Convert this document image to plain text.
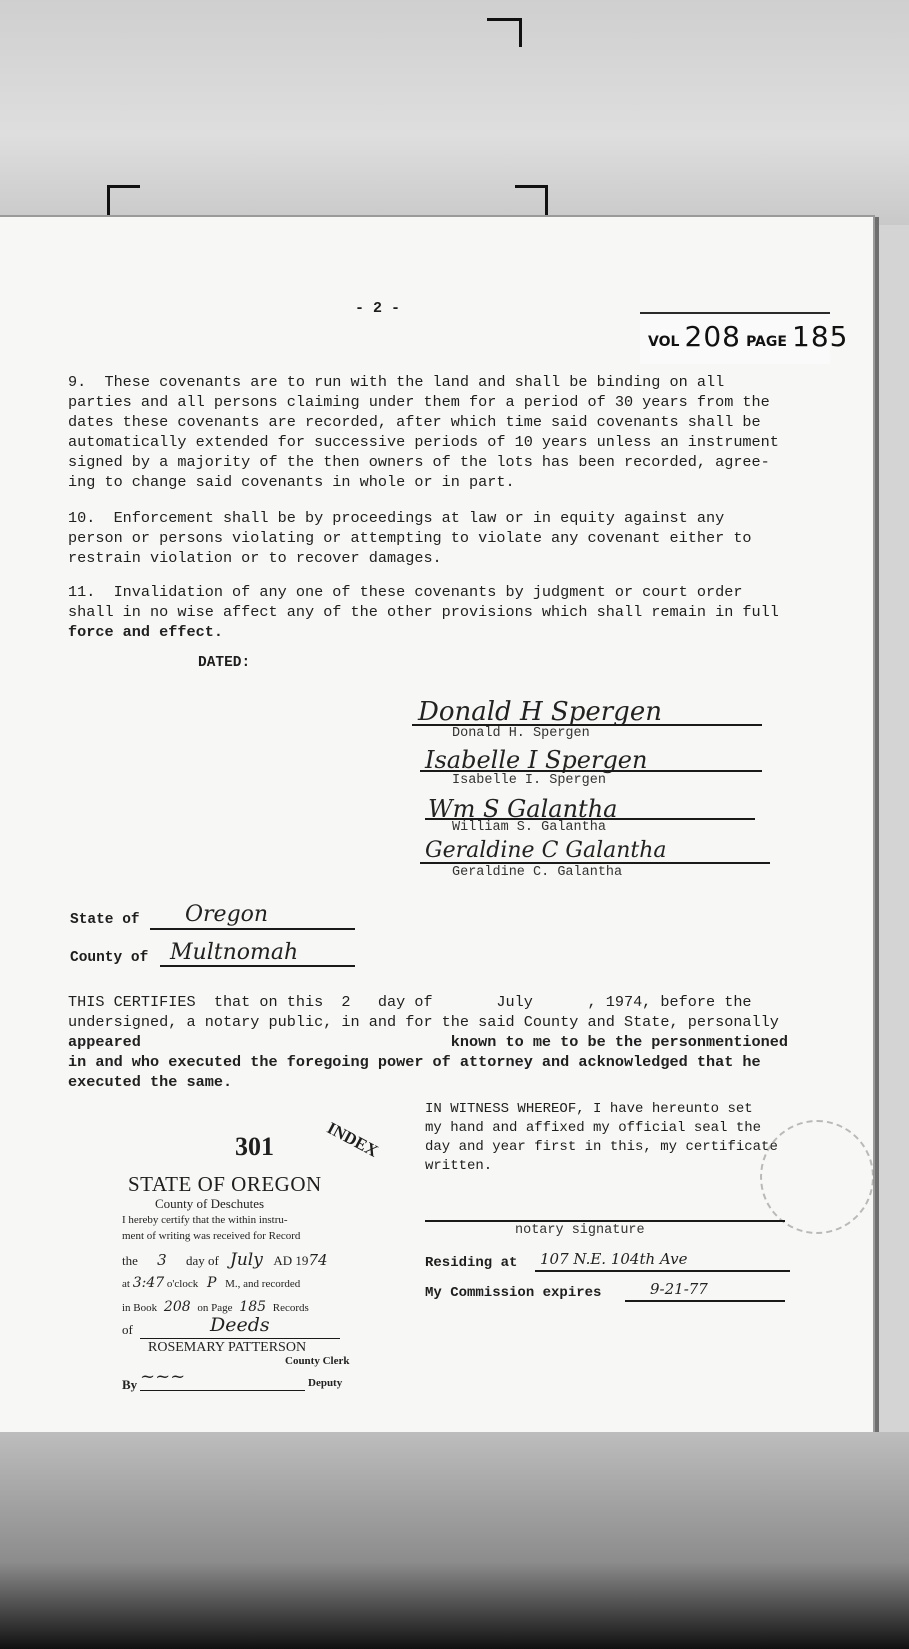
- 2 -
VOL 208 PAGE 185

9.  These covenants are to run with the land and shall be binding on all

parties and all persons claiming under them for a period of 30 years from the

dates these covenants are recorded, after which time said covenants shall be

automatically extended for successive periods of 10 years unless an instrument

signed by a majority of the then owners of the lots has been recorded, agree-

ing to change said covenants in whole or in part.

10.  Enforcement shall be by proceedings at law or in equity against any

person or persons violating or attempting to violate any covenant either to

restrain violation or to recover damages.

11.  Invalidation of any one of these covenants by judgment or court order

shall in no wise affect any of the other provisions which shall remain in full

force and effect.

DATED:
Donald H Spergen
Donald H. Spergen
Isabelle I Spergen
Isabelle I. Spergen
Wm S Galantha
William S. Galantha
Geraldine C Galantha
Geraldine C. Galantha
State of Oregon
County of Multnomah

THIS CERTIFIES  that on this  2   day of       July      , 1974, before the

undersigned, a notary public, in and for the said County and State, personally

appeared                                  known to me to be the personmentioned

in and who executed the foregoing power of attorney and acknowledged that he

executed the same.

IN WITNESS WHEREOF, I have hereunto set

my hand and affixed my official seal the

day and year first in this, my certificate

written.

notary signature
Residing at 107 N.E. 104th Ave
My Commission expires	9-21-77
301	INDEX
STATE OF OREGON
County of Deschutes
I hereby certify that the within instru-
ment of writing was received for Record
the 3 day of July AD 1974
at 3:47 o'clock P M., and recorded
in Book 208 on Page 185 Records
of	Deeds
ROSEMARY PATTERSON
County Clerk
By ~~~	Deputy
